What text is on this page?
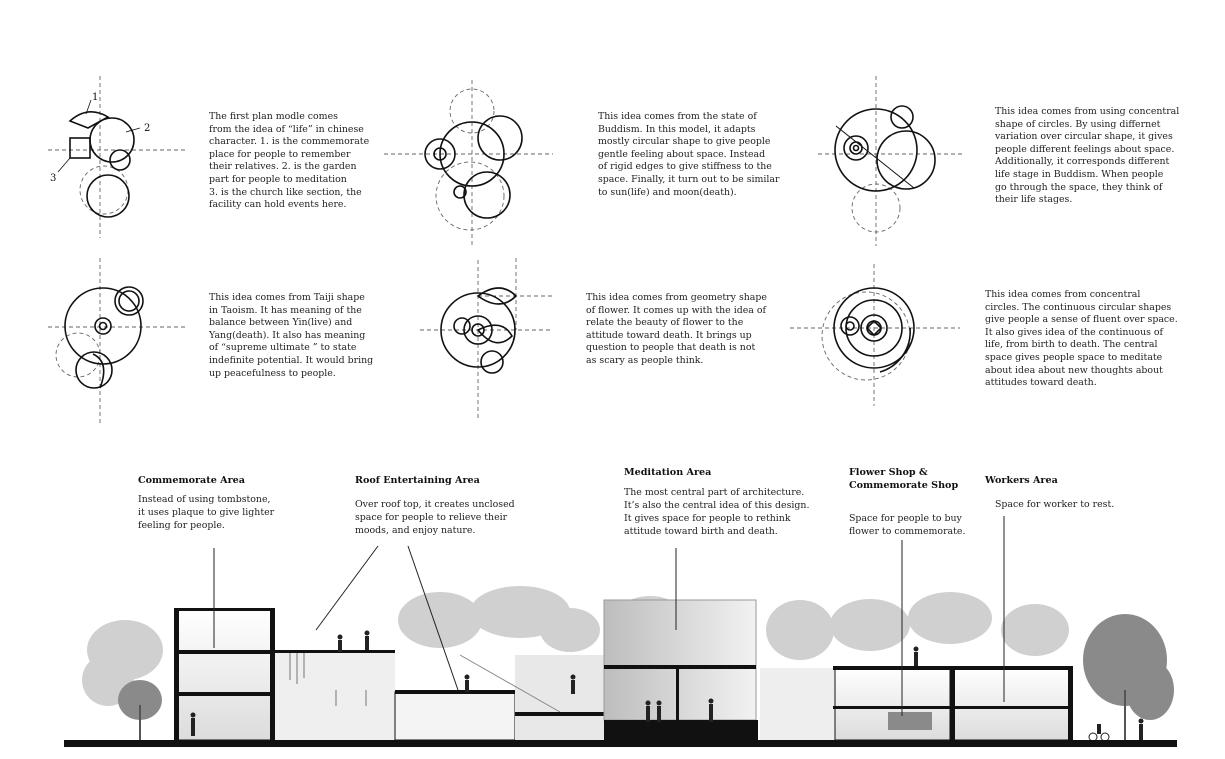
1
2
3
The first plan modle comes
from the idea of “life” in chinese
character. 1. is the commemorate
place for people to remember
their relatives. 2. is the garden
part for people to meditation
3. is the church like section, the
facility can hold events here.
This idea comes from the state of
Buddism. In this model, it adapts
mostly circular shape to give people
gentle feeling about space. Instead
of rigid edges to give stiffness to the
space. Finally, it turn out to be similar
to sun(life) and moon(death).
This idea comes from using concentral
shape of circles. By using differnet
variation over circular shape, it gives
people different feelings about space.
Additionally, it corresponds different
life stage in Buddism. When people
go through the space, they think of
their life stages.
This idea comes from Taiji shape
in Taoism. It has meaning of the
balance between Yin(live) and
Yang(death). It also has meaning
of “supreme ultimate ” to state
indefinite potential. It would bring
up peacefulness to people.
This idea comes from geometry shape
of flower. It comes up with the idea of
relate the beauty of flower to the
attitude toward death. It brings up
question to people that death is not
as scary as people think.
This idea comes from concentral
circles. The continuous circular shapes
give people a sense of fluent over space.
It also gives idea of the continuous of
life, from birth to death. The central
space gives people space to meditate
about idea about new thoughts about
attitudes toward death.
Commemorate Area
Instead of using tombstone,
it uses plaque to give lighter
feeling for people.
Roof Entertaining Area
Over roof top, it creates unclosed
space for people to relieve their
moods, and enjoy nature.
Meditation Area
The most central part of architecture.
It’s also the central idea of this design.
It gives space for people to rethink
attitude toward birth and death.
Flower Shop &
Commemorate Shop
Space for people to buy
flower to commemorate.
Workers Area
Space for worker to rest.
